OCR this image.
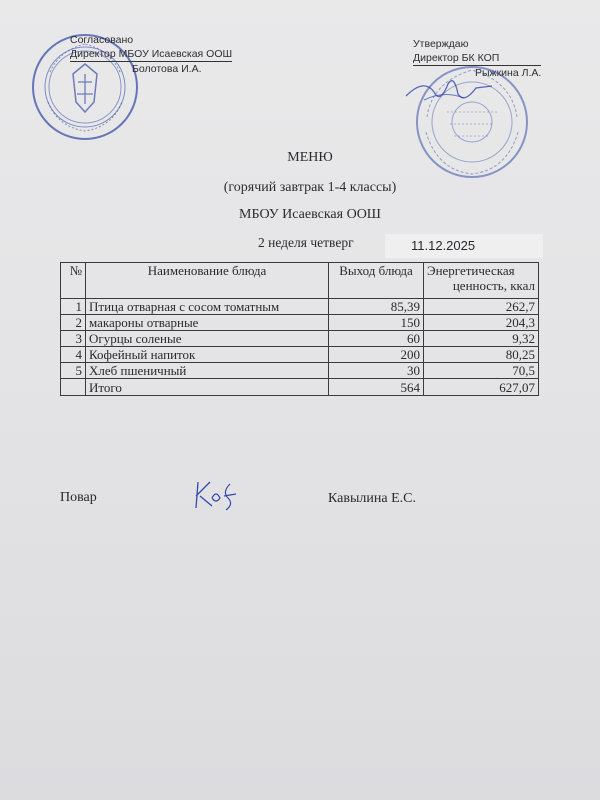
Согласовано
Директор МБОУ Исаевская ООШ
Болотова И.А.
Утверждаю
Директор БК КОП
Рыжкина Л.А.
МЕНЮ
(горячий завтрак 1-4 классы)
МБОУ Исаевская ООШ
2 неделя четверг	11.12.2025
№	Наименование блюда	Выход блюда	Энергетическая
ценность, ккал

1	Птица отварная с сосом томатным	85,39	262,7
2	макароны отварные	150	204,3
3	Огурцы соленые	60	9,32
4	Кофейный напиток	200	80,25
5	Хлеб пшеничный	30	70,5
	Итого	564	627,07
Повар	Кавылина Е.С.
